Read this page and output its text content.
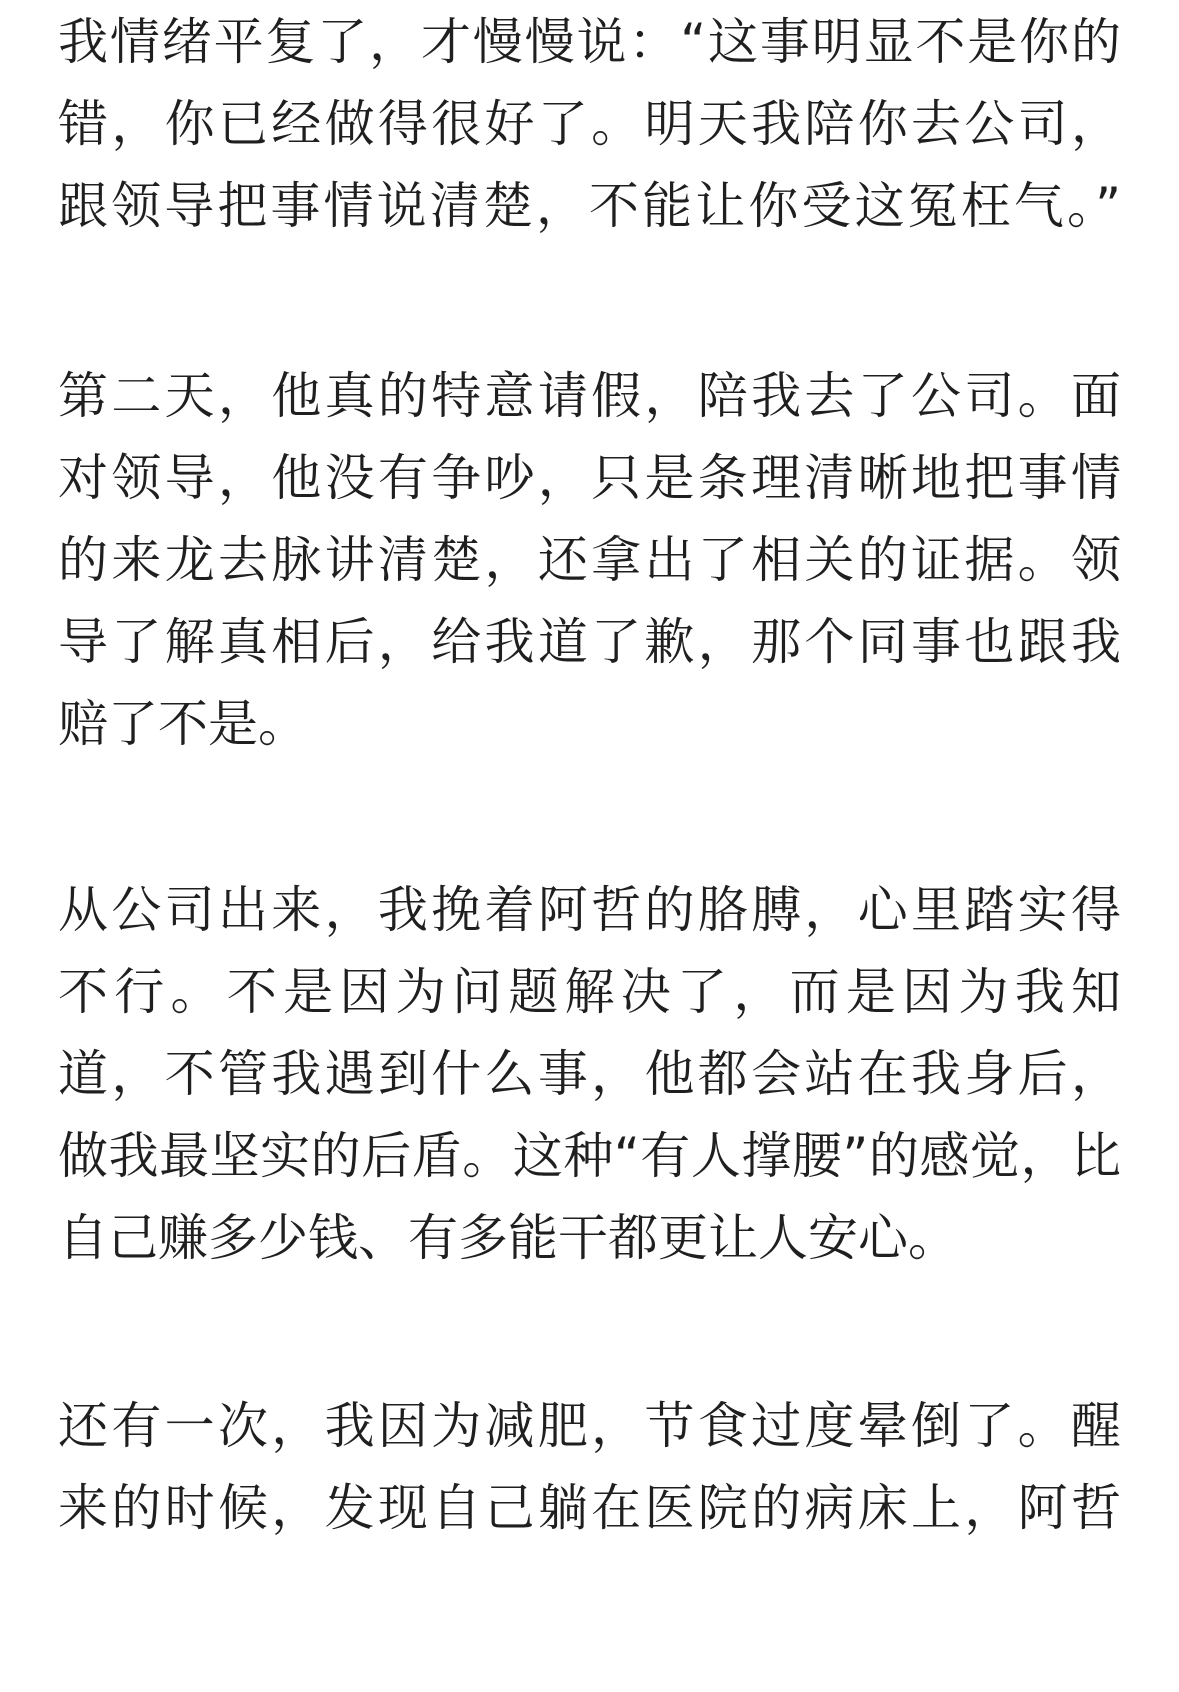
我情绪平复了，才慢慢说：“这事明显不是你的
错，你已经做得很好了。明天我陪你去公司，
跟领导把事情说清楚，不能让你受这冤枉气。”
第二天，他真的特意请假，陪我去了公司。面
对领导，他没有争吵，只是条理清晰地把事情
的来龙去脉讲清楚，还拿出了相关的证据。领
导了解真相后，给我道了歉，那个同事也跟我
赔了不是。
从公司出来，我挽着阿哲的胳膊，心里踏实得
不行。不是因为问题解决了，而是因为我知
道，不管我遇到什么事，他都会站在我身后，
做我最坚实的后盾。这种“有人撑腰”的感觉，比
自己赚多少钱、有多能干都更让人安心。
还有一次，我因为减肥，节食过度晕倒了。醒
来的时候，发现自己躺在医院的病床上，阿哲
